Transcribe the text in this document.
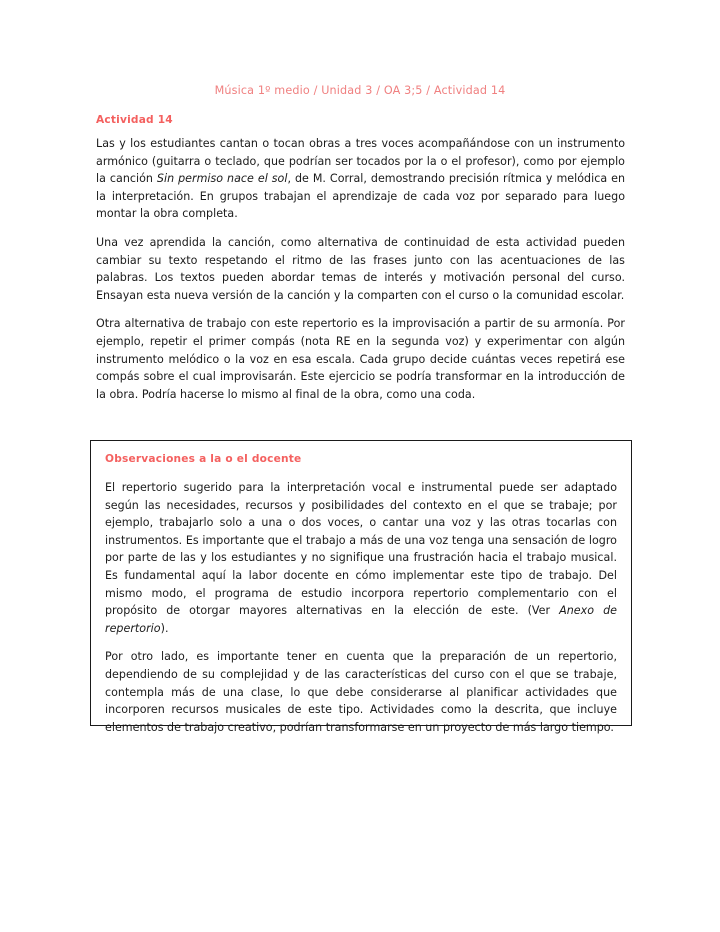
Música 1º medio / Unidad 3 / OA 3;5 / Actividad 14
Actividad 14

Las y los estudiantes cantan o tocan obras a tres voces acompañándose con un instrumento armónico (guitarra o teclado, que podrían ser tocados por la o el profesor), como por ejemplo la canción Sin permiso nace el sol, de M. Corral, demostrando precisión rítmica y melódica en la interpretación. En grupos trabajan el aprendizaje de cada voz por separado para luego montar la obra completa.

Una vez aprendida la canción, como alternativa de continuidad de esta actividad pueden cambiar su texto respetando el ritmo de las frases junto con las acentuaciones de las palabras. Los textos pueden abordar temas de interés y motivación personal del curso. Ensayan esta nueva versión de la canción y la comparten con el curso o la comunidad escolar.

Otra alternativa de trabajo con este repertorio es la improvisación a partir de su armonía. Por ejemplo, repetir el primer compás (nota RE en la segunda voz) y experimentar con algún instrumento melódico o la voz en esa escala. Cada grupo decide cuántas veces repetirá ese compás sobre el cual improvisarán. Este ejercicio se podría transformar en la introducción de la obra. Podría hacerse lo mismo al final de la obra, como una coda.

Observaciones a la o el docente

El repertorio sugerido para la interpretación vocal e instrumental puede ser adaptado según las necesidades, recursos y posibilidades del contexto en el que se trabaje; por ejemplo, trabajarlo solo a una o dos voces, o cantar una voz y las otras tocarlas con instrumentos. Es importante que el trabajo a más de una voz tenga una sensación de logro por parte de las y los estudiantes y no signifique una frustración hacia el trabajo musical. Es fundamental aquí la labor docente en cómo implementar este tipo de trabajo. Del mismo modo, el programa de estudio incorpora repertorio complementario con el propósito de otorgar mayores alternativas en la elección de este. (Ver Anexo de repertorio).

Por otro lado, es importante tener en cuenta que la preparación de un repertorio, dependiendo de su complejidad y de las características del curso con el que se trabaje, contempla más de una clase, lo que debe considerarse al planificar actividades que incorporen recursos musicales de este tipo. Actividades como la descrita, que incluye elementos de trabajo creativo, podrían transformarse en un proyecto de más largo tiempo.
